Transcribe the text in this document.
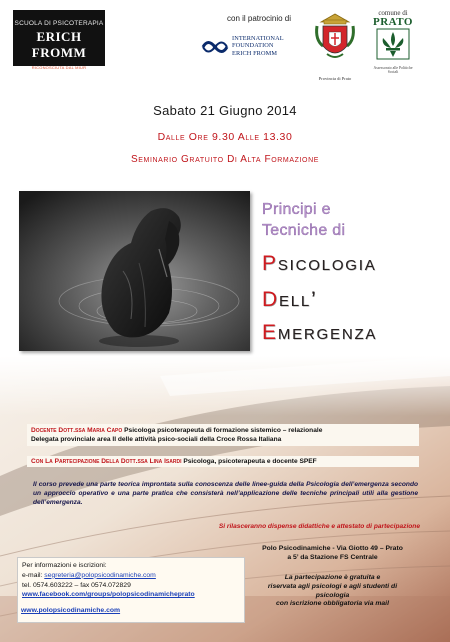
SCUOLA DI PSICOTERAPIA
ERICH FROMM
RICONOSCIUTA DAL MIUR
con il patrocinio di
INTERNATIONAL
FOUNDATION
ERICH FROMM
Provincia di Prato
comune di
PRATO
Assessorato alle Politiche Sociali
Sabato 21 Giugno 2014
Dalle Ore 9.30 Alle 13.30
Seminario Gratuito Di Alta Formazione
Principi e
Tecniche di
Psicologia
Dell’
Emergenza
Docente Dott.ssa Maria Capo Psicologa psicoterapeuta di formazione sistemico – relazionale
Delegata provinciale area II delle attività psico-sociali della Croce Rossa Italiana
Con La Partecipazione Della Dott.ssa Lina Isardi Psicologa, psicoterapeuta e docente SPEF
Il corso prevede una parte teorica improntata sulla conoscenza delle linee-guida della Psicologia dell’emergenza secondo un approccio operativo e una parte pratica che consisterà nell’applicazione delle tecniche principali utili alla gestione dell’emergenza.
Si rilasceranno dispense didattiche e attestato di partecipazione
Polo Psicodinamiche - Via Giotto 49 – Prato
a 5’ da Stazione FS Centrale
La partecipazione è gratuita e
riservata agli psicologi e agli studenti di
psicologia
con iscrizione obbligatoria via mail
Per informazioni e iscrizioni:
e-mail: segreteria@polopsicodinamiche.com
tel. 0574.603222 – fax 0574.072829
www.facebook.com/groups/polopsicodinamicheprato
www.polopsicodinamiche.com
